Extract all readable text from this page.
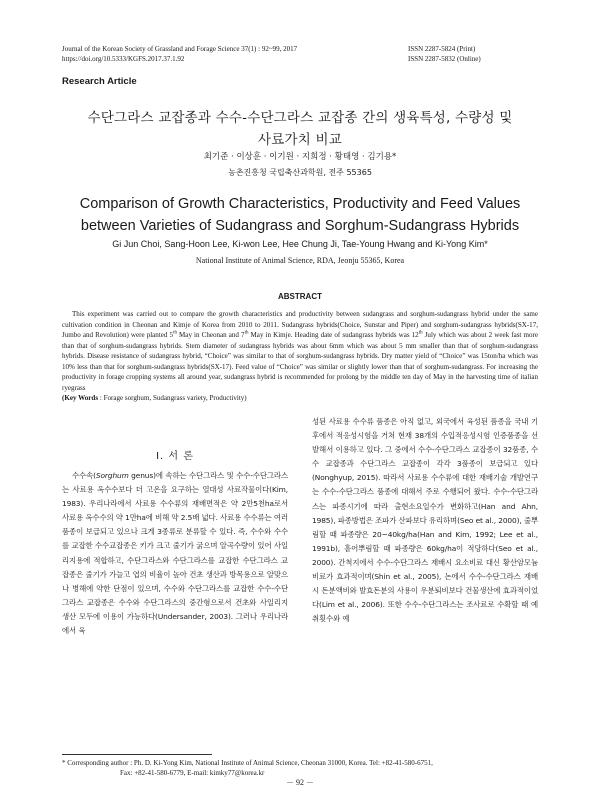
Journal of the Korean Society of Grassland and Forage Science 37(1) : 92~99, 2017
https://doi.org/10.5333/KGFS.2017.37.1.92
ISSN 2287-5824 (Print)
ISSN 2287-5832 (Online)
Research Article
수단그라스 교잡종과 수수-수단그라스 교잡종 간의 생육특성, 수량성 및
사료가치 비교
최기준 · 이상훈 · 이기원 · 지희정 · 황태영 · 김기용*
농촌진흥청 국립축산과학원, 전주 55365
Comparison of Growth Characteristics, Productivity and Feed Values
between Varieties of Sudangrass and Sorghum-Sudangrass Hybrids
Gi Jun Choi, Sang-Hoon Lee, Ki-won Lee, Hee Chung Ji, Tae-Young Hwang and Ki-Yong Kim*
National Institute of Animal Science, RDA, Jeonju 55365, Korea
ABSTRACT

This experiment was carried out to compare the growth characteristics and productivity between sudangrass and sorghum-sudangrass hybrid under the same cultivation condition in Cheonan and Kimje of Korea from 2010 to 2011. Sudangrass hybrids(Choice, Sunstar and Piper) and sorghum-sudangrass hybrids(SX-17, Jumbo and Revolution) were planted 5th May in Cheonan and 7th May in Kimje. Heading date of sudangrass hybrids was 12th July which was about 2 week fast more than that of sorghum-sudangrass hybrids. Stem diameter of sudangrass hybrids was about 6mm which was about 5 mm smaller than that of sorghum-sudangrass hybrids. Disease resistance of sudangrass hybrid, “Choice” was similar to that of sorghum-sudangrass hybrids. Dry matter yield of “Choice” was 15ton/ha which was 10% less than that for sorghum-sudangrass hybrids(SX-17). Feed value of “Choice” was similar or slightly lower than that of sorghum-sudangrass. For increasing the productivity in forage cropping systems all around year, sudangrass hybrid is recommended for prolong by the middle ten day of May in the harvesting time of italian ryegrass

(Key Words : Forage sorghum, Sudangrass variety, Productivity)
Ⅰ. 서 론

수수속(Sorghum genus)에 속하는 수단그라스 및 수수-수단그라스는 사료용 옥수수보다 더 고온을 요구하는 열대성 사료작물이다(Kim, 1983). 우리나라에서 사료용 수수류의 재배면적은 약 2만5천ha로서 사료용 옥수수의 약 1만ha에 비해 약 2.5배 넓다. 사료용 수수류는 여러 품종이 보급되고 있으나 크게 3종류로 분류할 수 있다. 즉, 수수와 수수를 교잡한 수수교잡종은 키가 크고 줄기가 굵으며 알곡수량이 있어 사일리지용에 적합하고, 수단그라스와 수단그라스를 교잡한 수단그라스 교잡종은 줄기가 가늘고 엽의 비율이 높아 건초 생산과 방목용으로 알맞으나 병해에 약한 단점이 있으며, 수수와 수단그라스를 교잡한 수수-수단그라스 교잡종은 수수와 수단그라스의 중간형으로서 건초와 사일리지 생산 모두에 이용이 가능하다(Undersander, 2003). 그러나 우리나라에서 육

성된 사료용 수수류 품종은 아직 없고, 외국에서 육성된 품종을 국내 기후에서 적응성시험을 거쳐 현재 38개의 수입적응성시험 인증품종을 선발해서 이용하고 있다. 그 중에서 수수-수단그라스 교잡종이 32품종, 수수 교잡종과 수단그라스 교잡종이 각각 3품종이 보급되고 있다(Nonghyup, 2015). 따라서 사료용 수수류에 대한 재배기술 개발연구는 수수-수단그라스 품종에 대해서 주로 수행되어 왔다. 수수-수단그라스는 파종시기에 따라 출현소요일수가 변화하고(Han and Ahn, 1985), 파종방법은 조파가 산파보다 유리하며(Seo et al., 2000), 줄뿌림할 때 파종량은 20~40kg/ha(Han and Kim, 1992; Lee et al., 1991b), 흩어뿌림할 때 파종량은 60kg/ha이 적당하다(Seo et al., 2000). 간척지에서 수수-수단그라스 재배시 요소비료 대신 황산암모늄비료가 효과적이며(Shin et al., 2005), 논에서 수수-수단그라스 재배시 돈분액비와 발효돈분의 사용이 우분퇴비보다 건물생산에 효과적이었다(Lim et al., 2006). 또한 수수-수단그라스는 조사료로 수확할 때 예취횟수와 예

* Corresponding author : Ph. D. Ki-Yong Kim, National Institute of Animal Science, Cheonan 31000, Korea. Tel: +82-41-580-6751,
Fax: +82-41-580-6779, E-mail: kimky77@korea.kr
－ 92 －
